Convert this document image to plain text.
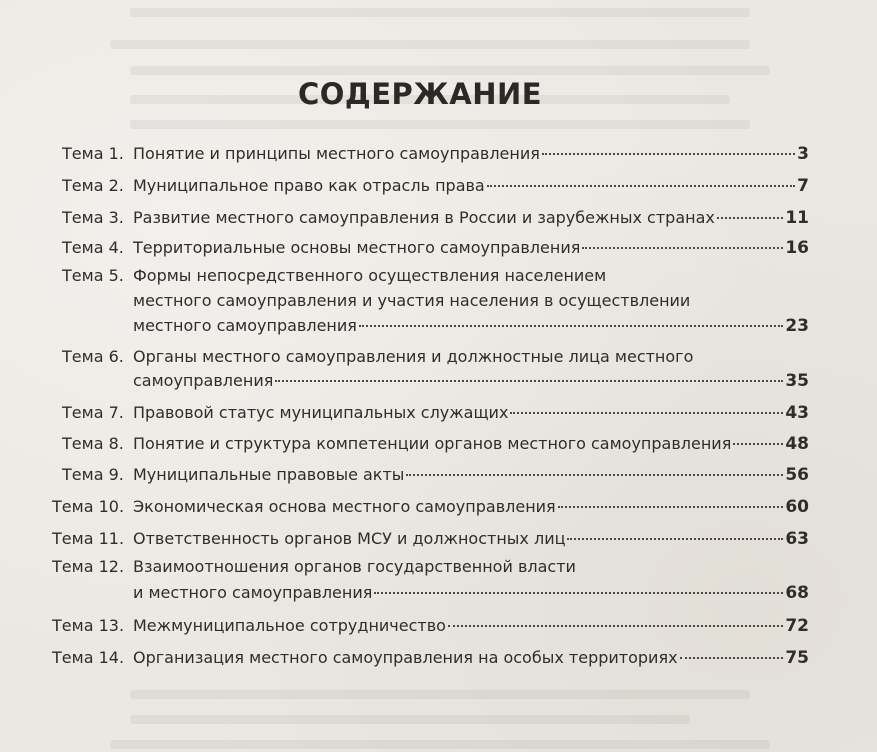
СОДЕРЖАНИЕ
Тема 1. Понятие и принципы местного самоуправления	3
Тема 2. Муниципальное право как отрасль права	7
Тема 3. Развитие местного самоуправления в России и зарубежных странах	11
Тема 4. Территориальные основы местного самоуправления	16
Тема 5. Формы непосредственного осуществления населением
местного самоуправления и участия населения в осуществлении
местного самоуправления	23
Тема 6. Органы местного самоуправления и должностные лица местного
самоуправления	35
Тема 7. Правовой статус муниципальных служащих	43
Тема 8. Понятие и структура компетенции органов местного самоуправления	48
Тема 9. Муниципальные правовые акты	56
Тема 10. Экономическая основа местного самоуправления	60
Тема 11. Ответственность органов МСУ и должностных лиц	63
Тема 12. Взаимоотношения органов государственной власти
и местного самоуправления	68
Тема 13. Межмуниципальное сотрудничество	72
Тема 14. Организация местного самоуправления на особых территориях	75
